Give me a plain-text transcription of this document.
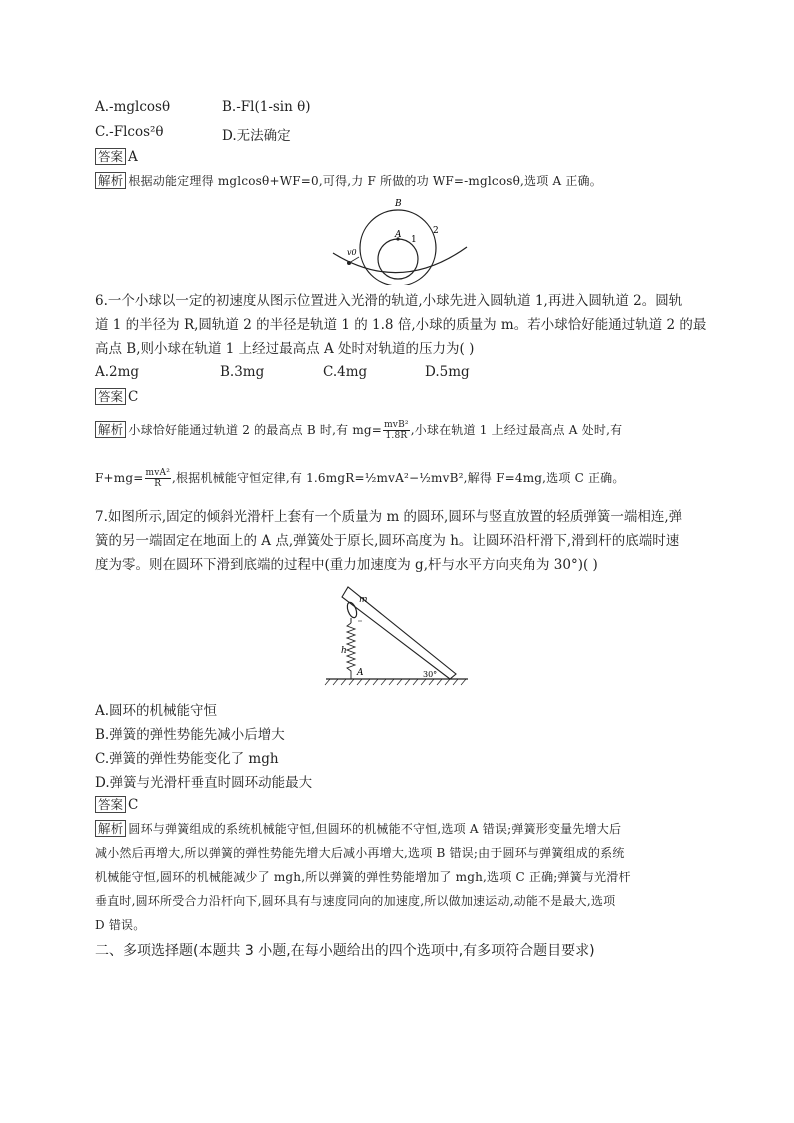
A.-mglcosθ	B.-Fl(1-sin θ)
C.-Flcos²θ	D.无法确定
答案 A
解析 根据动能定理得 mglcosθ+WF=0,可得,力 F 所做的功 WF=-mglcosθ,选项 A 正确。
B
A 1
2
v0
6.一个小球以一定的初速度从图示位置进入光滑的轨道,小球先进入圆轨道 1,再进入圆轨道 2。圆轨
道 1 的半径为 R,圆轨道 2 的半径是轨道 1 的 1.8 倍,小球的质量为 m。若小球恰好能通过轨道 2 的最
高点 B,则小球在轨道 1 上经过最高点 A 处时对轨道的压力为( )
A.2mg	B.3mg	C.4mg	D.5mg
答案 C
解析 小球恰好能通过轨道 2 的最高点 B 时,有 $mg= \frac{\text{mvB²}}{1.8R}$ ,小球在轨道 1 上经过最高点 A 处时,有
$F+mg= \frac{\text{mvA²}}{R}$ ,根据机械能守恒定律,有 1.6mgR=½mvA²−½mvB²,解得 F=4mg,选项 C 正确。
7.如图所示,固定的倾斜光滑杆上套有一个质量为 m 的圆环,圆环与竖直放置的轻质弹簧一端相连,弹
簧的另一端固定在地面上的 A 点,弹簧处于原长,圆环高度为 h。让圆环沿杆滑下,滑到杆的底端时速
度为零。则在圆环下滑到底端的过程中(重力加速度为 g,杆与水平方向夹角为 30°)( )
m
h
A	30°
A.圆环的机械能守恒
B.弹簧的弹性势能先减小后增大
C.弹簧的弹性势能变化了 mgh
D.弹簧与光滑杆垂直时圆环动能最大
答案 C
解析 圆环与弹簧组成的系统机械能守恒,但圆环的机械能不守恒,选项 A 错误;弹簧形变量先增大后
减小然后再增大,所以弹簧的弹性势能先增大后减小再增大,选项 B 错误;由于圆环与弹簧组成的系统
机械能守恒,圆环的机械能减少了 mgh,所以弹簧的弹性势能增加了 mgh,选项 C 正确;弹簧与光滑杆
垂直时,圆环所受合力沿杆向下,圆环具有与速度同向的加速度,所以做加速运动,动能不是最大,选项
D 错误。
二、多项选择题(本题共 3 小题,在每小题给出的四个选项中,有多项符合题目要求)
